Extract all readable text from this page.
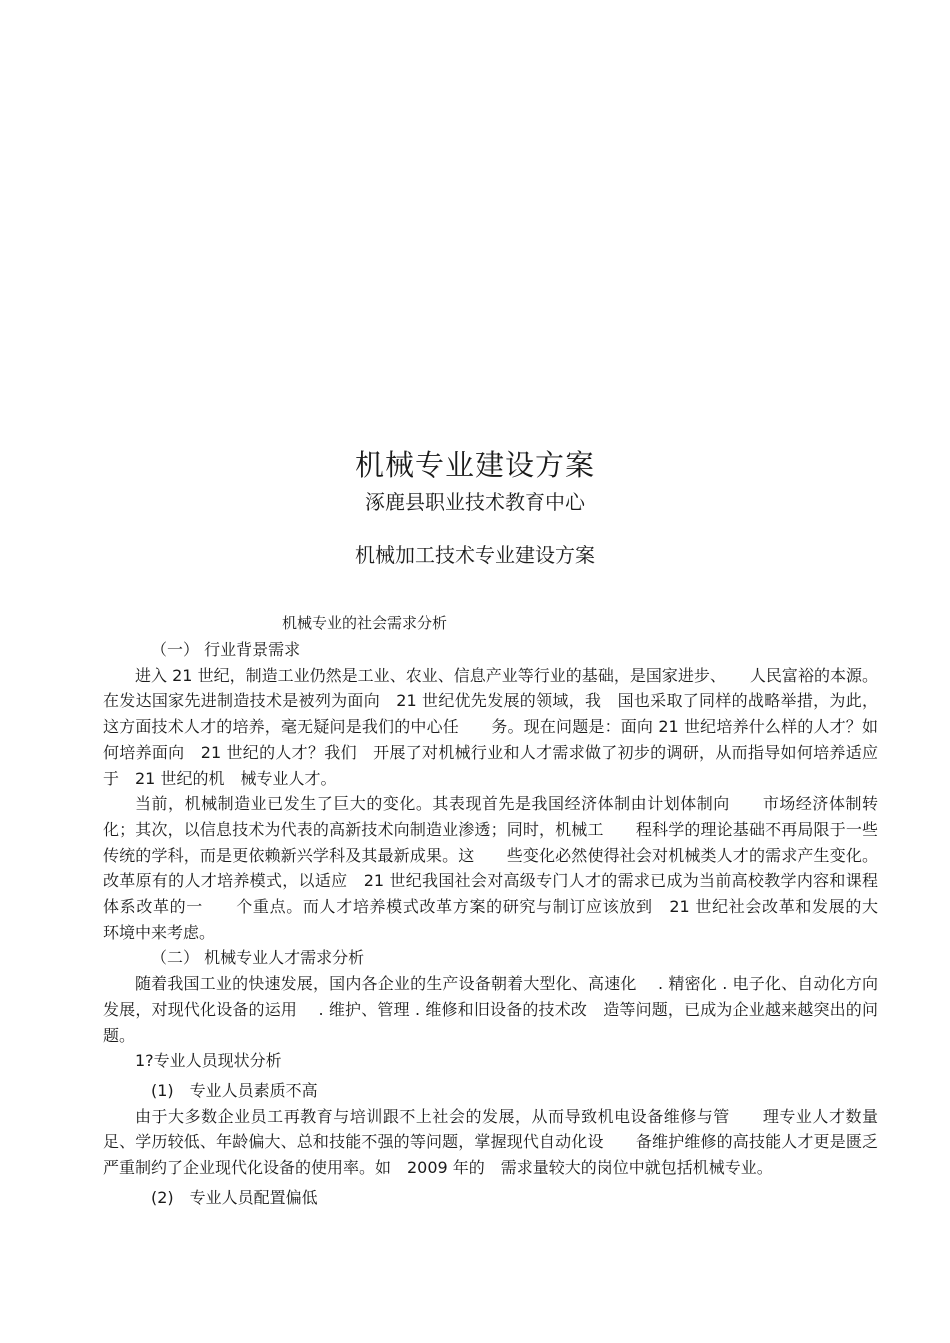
机械专业建设方案
涿鹿县职业技术教育中心
机械加工技术专业建设方案
机械专业的社会需求分析

（一） 行业背景需求

进入 21 世纪，制造工业仍然是工业、农业、信息产业等行业的基础，是国家进步、　　人民富裕的本源。在发达国家先进制造技术是被列为面向　21 世纪优先发展的领域，我　国也采取了同样的战略举措，为此，这方面技术人才的培养，毫无疑问是我们的中心任　　务。现在问题是：面向 21 世纪培养什么样的人才？如何培养面向　21 世纪的人才？我们　开展了对机械行业和人才需求做了初步的调研，从而指导如何培养适应于　21 世纪的机　械专业人才。

当前，机械制造业已发生了巨大的变化。其表现首先是我国经济体制由计划体制向　　市场经济体制转化；其次，以信息技术为代表的高新技术向制造业渗透；同时，机械工　　程科学的理论基础不再局限于一些传统的学科，而是更依赖新兴学科及其最新成果。这　　些变化必然使得社会对机械类人才的需求产生变化。改革原有的人才培养模式，以适应　21 世纪我国社会对高级专门人才的需求已成为当前高校教学内容和课程体系改革的一　　个重点。而人才培养模式改革方案的研究与制订应该放到　21 世纪社会改革和发展的大　环境中来考虑。

（二） 机械专业人才需求分析

随着我国工业的快速发展，国内各企业的生产设备朝着大型化、高速化　 . 精密化 . 电子化、自动化方向发展，对现代化设备的运用　 . 维护、管理 . 维修和旧设备的技术改　造等问题，已成为企业越来越突出的问题。

1?专业人员现状分析

(1)　专业人员素质不高

由于大多数企业员工再教育与培训跟不上社会的发展，从而导致机电设备维修与管　　理专业人才数量足、学历较低、年龄偏大、总和技能不强的等问题，掌握现代自动化设　　备维护维修的高技能人才更是匮乏严重制约了企业现代化设备的使用率。如　2009 年的　需求量较大的岗位中就包括机械专业。

(2)　专业人员配置偏低
